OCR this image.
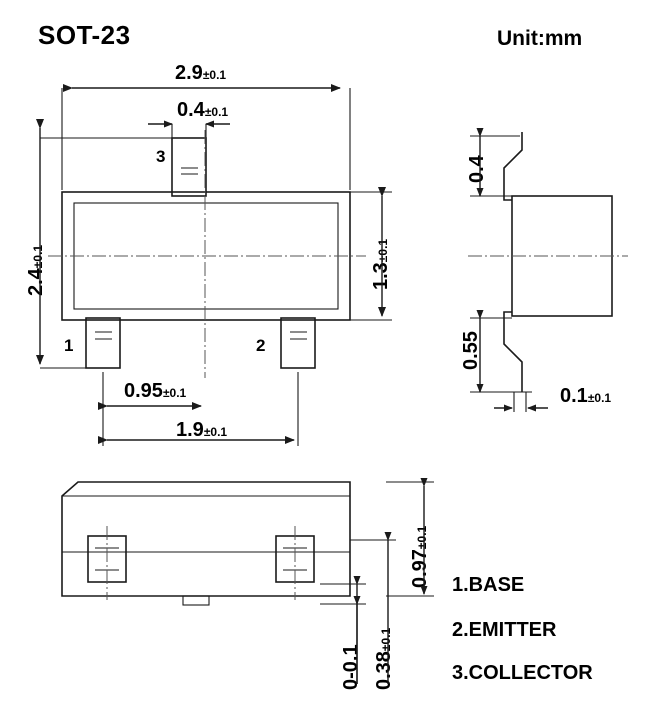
SOT-23	Unit:mm
2.9±0.1
0.4±0.1
2.4±0.1
1.3±0.1
0.95±0.1
1.9±0.1
3
1	2
0.4
0.55
0.1±0.1
0.97±0.1
0-0.1 0.38±0.1
1.BASE
2.EMITTER
3.COLLECTOR
